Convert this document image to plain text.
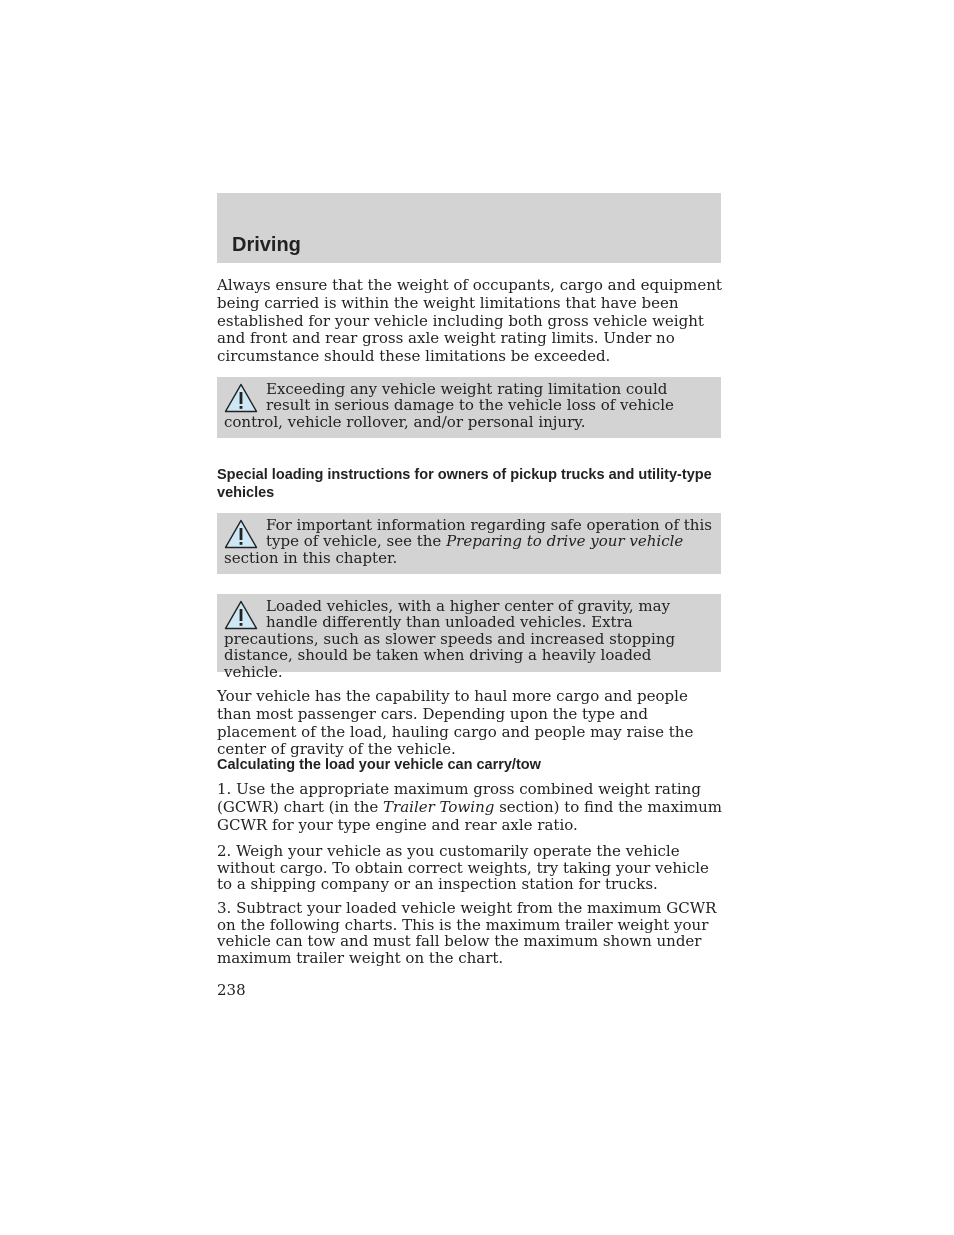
Driving

Always ensure that the weight of occupants, cargo and equipment being carried is within the weight limitations that have been established for your vehicle including both gross vehicle weight and front and rear gross axle weight rating limits. Under no circumstance should these limitations be exceeded.

Exceeding any vehicle weight rating limitation could result in serious damage to the vehicle loss of vehicle control, vehicle rollover, and/or personal injury.

Special loading instructions for owners of pickup trucks and utility-type vehicles

For important information regarding safe operation of this type of vehicle, see the Preparing to drive your vehicle section in this chapter.

Loaded vehicles, with a higher center of gravity, may handle differently than unloaded vehicles. Extra precautions, such as slower speeds and increased stopping distance, should be taken when driving a heavily loaded vehicle.

Your vehicle has the capability to haul more cargo and people than most passenger cars. Depending upon the type and placement of the load, hauling cargo and people may raise the center of gravity of the vehicle.

Calculating the load your vehicle can carry/tow

1. Use the appropriate maximum gross combined weight rating (GCWR) chart (in the Trailer Towing section) to find the maximum GCWR for your type engine and rear axle ratio.

2. Weigh your vehicle as you customarily operate the vehicle without cargo. To obtain correct weights, try taking your vehicle to a shipping company or an inspection station for trucks.

3. Subtract your loaded vehicle weight from the maximum GCWR on the following charts. This is the maximum trailer weight your vehicle can tow and must fall below the maximum shown under maximum trailer weight on the chart.

238
